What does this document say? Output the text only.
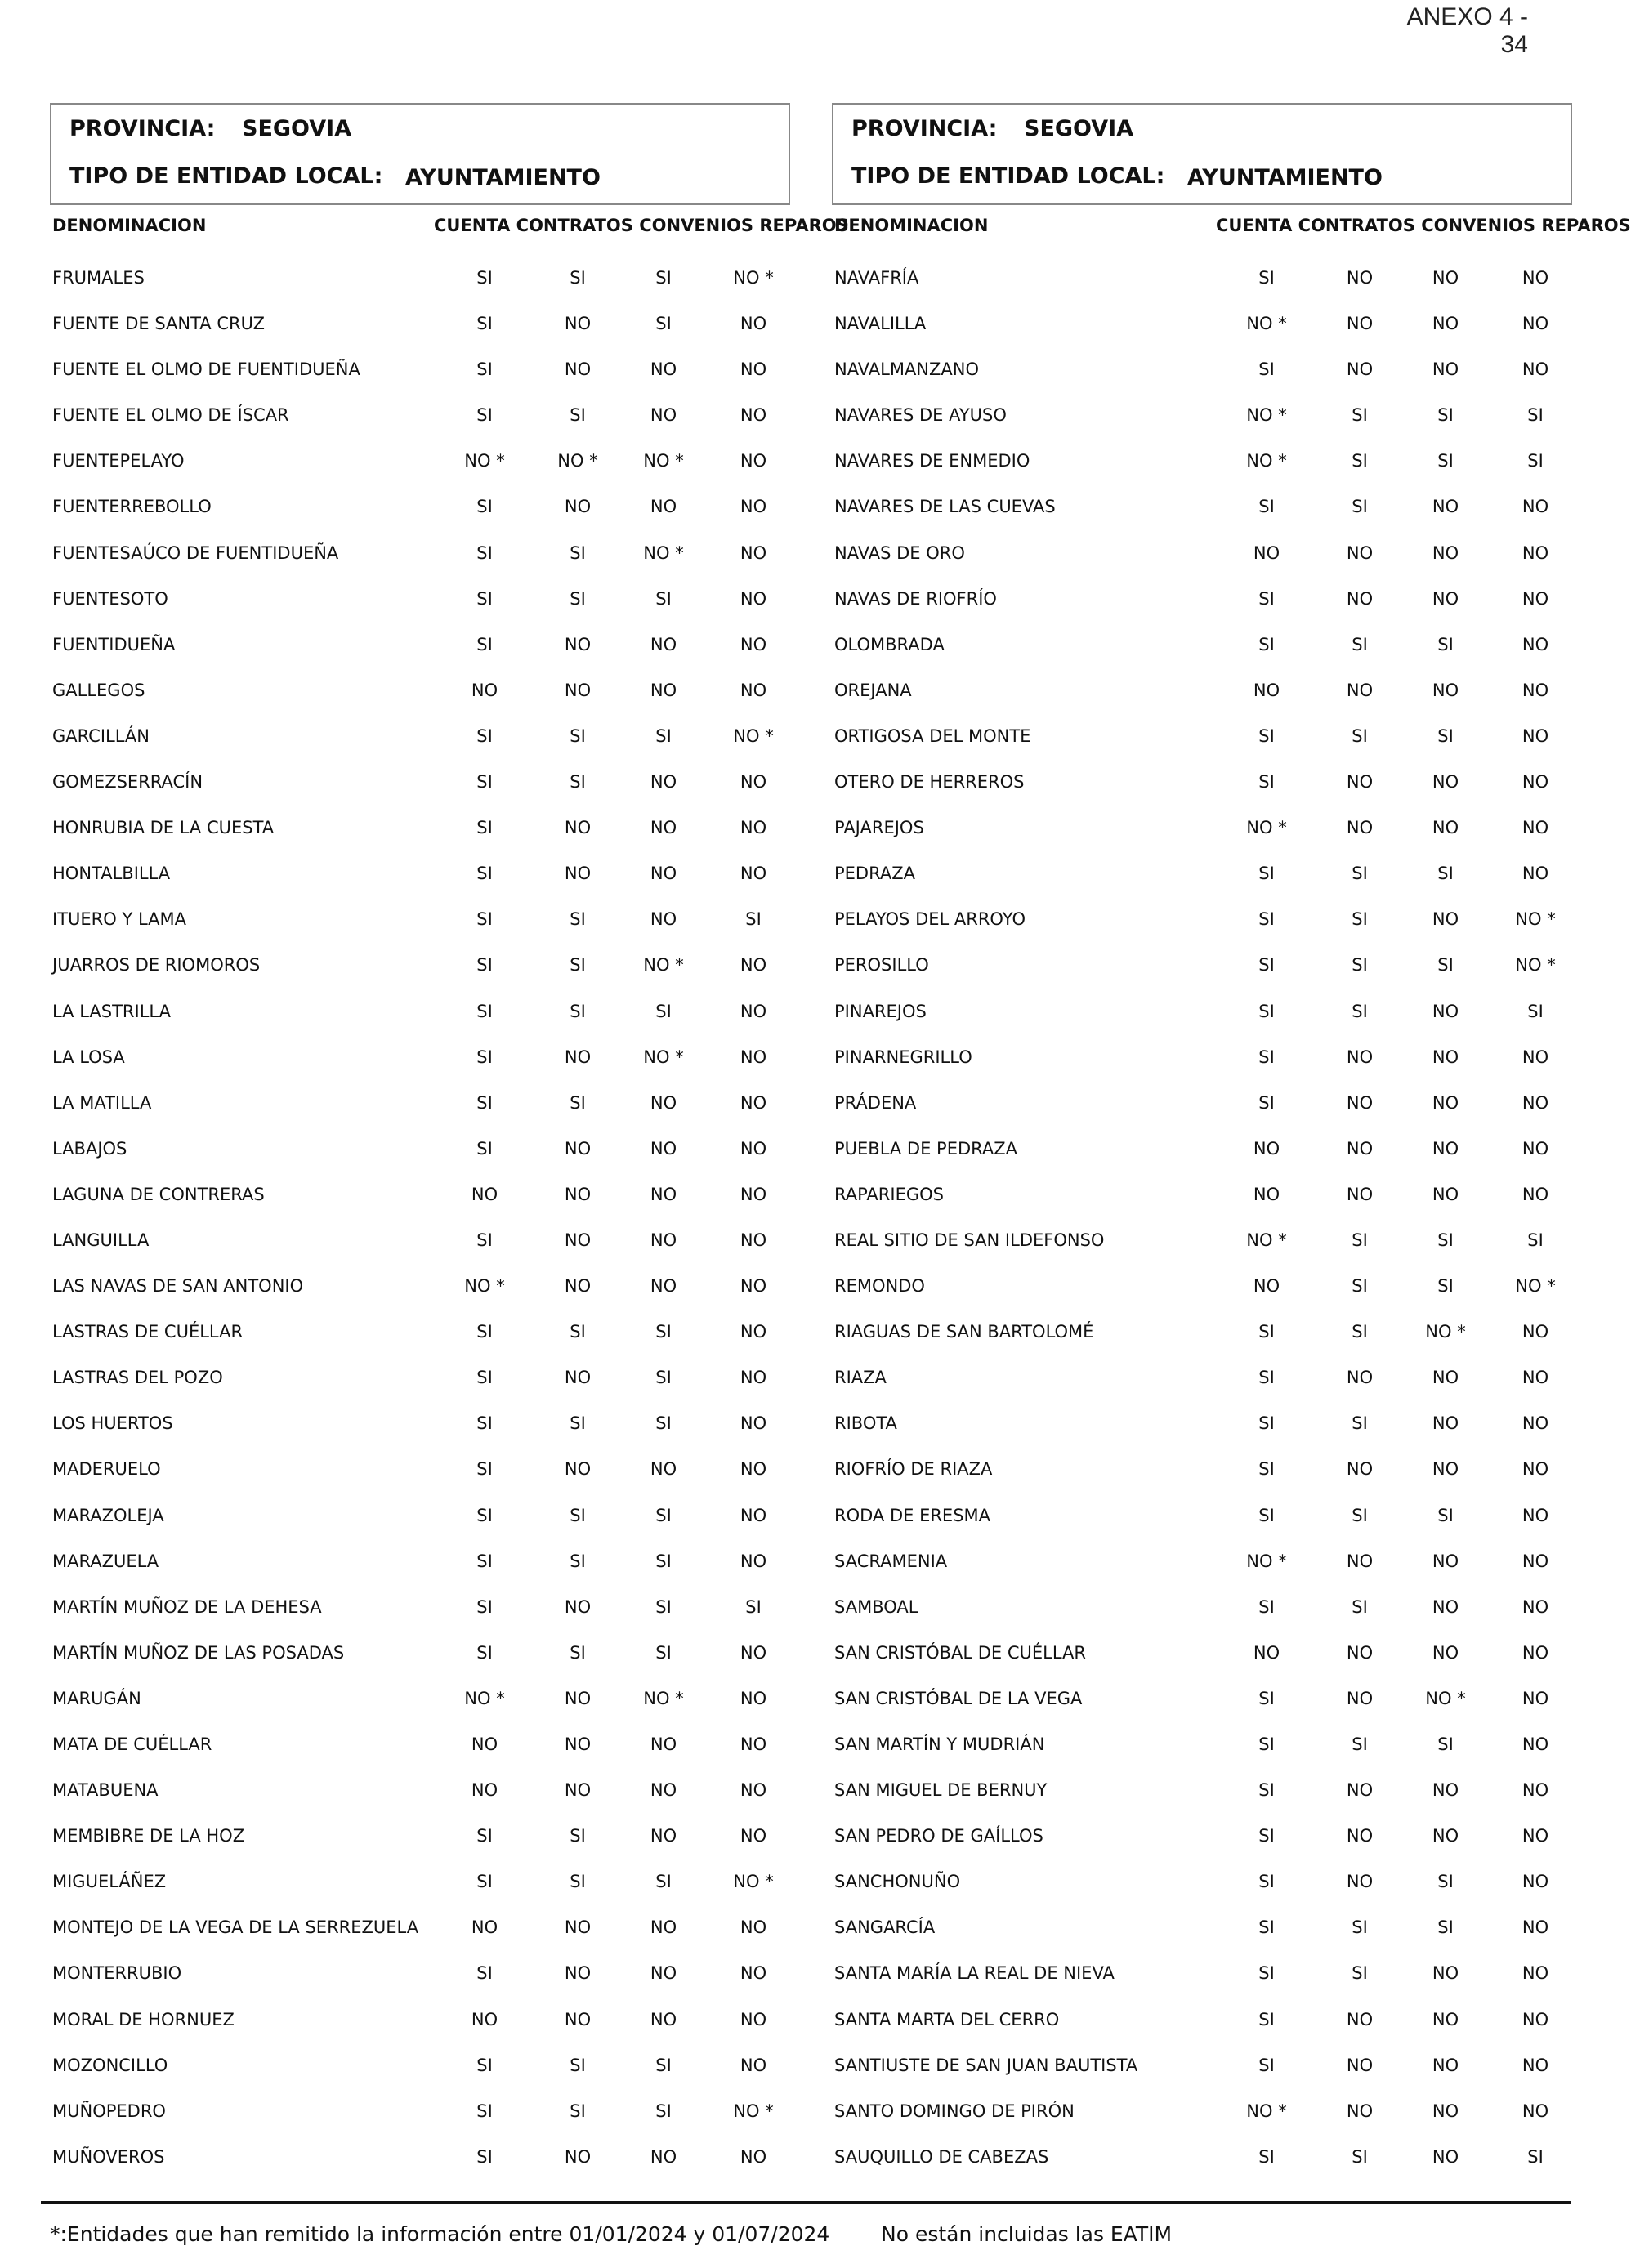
ANEXO 4 - 34
PROVINCIA: SEGOVIA
TIPO DE ENTIDAD LOCAL: AYUNTAMIENTO
DENOMINACION	CUENTA CONTRATOS CONVENIOS REPAROS
FRUMALES	SI	SI	SI	NO *
FUENTE DE SANTA CRUZ	SI	NO	SI	NO
FUENTE EL OLMO DE FUENTIDUEÑA	SI	NO	NO	NO
FUENTE EL OLMO DE ÍSCAR	SI	SI	NO	NO
FUENTEPELAYO	NO *	NO *	NO *	NO
FUENTERREBOLLO	SI	NO	NO	NO
FUENTESAÚCO DE FUENTIDUEÑA	SI	SI	NO *	NO
FUENTESOTO	SI	SI	SI	NO
FUENTIDUEÑA	SI	NO	NO	NO
GALLEGOS	NO	NO	NO	NO
GARCILLÁN	SI	SI	SI	NO *
GOMEZSERRACÍN	SI	SI	NO	NO
HONRUBIA DE LA CUESTA	SI	NO	NO	NO
HONTALBILLA	SI	NO	NO	NO
ITUERO Y LAMA	SI	SI	NO	SI
JUARROS DE RIOMOROS	SI	SI	NO *	NO
LA LASTRILLA	SI	SI	SI	NO
LA LOSA	SI	NO	NO *	NO
LA MATILLA	SI	SI	NO	NO
LABAJOS	SI	NO	NO	NO
LAGUNA DE CONTRERAS	NO	NO	NO	NO
LANGUILLA	SI	NO	NO	NO
LAS NAVAS DE SAN ANTONIO	NO *	NO	NO	NO
LASTRAS DE CUÉLLAR	SI	SI	SI	NO
LASTRAS DEL POZO	SI	NO	SI	NO
LOS HUERTOS	SI	SI	SI	NO
MADERUELO	SI	NO	NO	NO
MARAZOLEJA	SI	SI	SI	NO
MARAZUELA	SI	SI	SI	NO
MARTÍN MUÑOZ DE LA DEHESA	SI	NO	SI	SI
MARTÍN MUÑOZ DE LAS POSADAS	SI	SI	SI	NO
MARUGÁN	NO *	NO	NO *	NO
MATA DE CUÉLLAR	NO	NO	NO	NO
MATABUENA	NO	NO	NO	NO
MEMBIBRE DE LA HOZ	SI	SI	NO	NO
MIGUELÁÑEZ	SI	SI	SI	NO *
MONTEJO DE LA VEGA DE LA SERREZUELA	NO	NO	NO	NO
MONTERRUBIO	SI	NO	NO	NO
MORAL DE HORNUEZ	NO	NO	NO	NO
MOZONCILLO	SI	SI	SI	NO
MUÑOPEDRO	SI	SI	SI	NO *
MUÑOVEROS	SI	NO	NO	NO
PROVINCIA: SEGOVIA
TIPO DE ENTIDAD LOCAL: AYUNTAMIENTO
DENOMINACION	CUENTA CONTRATOS CONVENIOS REPAROS
NAVAFRÍA	SI	NO	NO	NO
NAVALILLA	NO *	NO	NO	NO
NAVALMANZANO	SI	NO	NO	NO
NAVARES DE AYUSO	NO *	SI	SI	SI
NAVARES DE ENMEDIO	NO *	SI	SI	SI
NAVARES DE LAS CUEVAS	SI	SI	NO	NO
NAVAS DE ORO	NO	NO	NO	NO
NAVAS DE RIOFRÍO	SI	NO	NO	NO
OLOMBRADA	SI	SI	SI	NO
OREJANA	NO	NO	NO	NO
ORTIGOSA DEL MONTE	SI	SI	SI	NO
OTERO DE HERREROS	SI	NO	NO	NO
PAJAREJOS	NO *	NO	NO	NO
PEDRAZA	SI	SI	SI	NO
PELAYOS DEL ARROYO	SI	SI	NO	NO *
PEROSILLO	SI	SI	SI	NO *
PINAREJOS	SI	SI	NO	SI
PINARNEGRILLO	SI	NO	NO	NO
PRÁDENA	SI	NO	NO	NO
PUEBLA DE PEDRAZA	NO	NO	NO	NO
RAPARIEGOS	NO	NO	NO	NO
REAL SITIO DE SAN ILDEFONSO	NO *	SI	SI	SI
REMONDO	NO	SI	SI	NO *
RIAGUAS DE SAN BARTOLOMÉ	SI	SI	NO *	NO
RIAZA	SI	NO	NO	NO
RIBOTA	SI	SI	NO	NO
RIOFRÍO DE RIAZA	SI	NO	NO	NO
RODA DE ERESMA	SI	SI	SI	NO
SACRAMENIA	NO *	NO	NO	NO
SAMBOAL	SI	SI	NO	NO
SAN CRISTÓBAL DE CUÉLLAR	NO	NO	NO	NO
SAN CRISTÓBAL DE LA VEGA	SI	NO	NO *	NO
SAN MARTÍN Y MUDRIÁN	SI	SI	SI	NO
SAN MIGUEL DE BERNUY	SI	NO	NO	NO
SAN PEDRO DE GAÍLLOS	SI	NO	NO	NO
SANCHONUÑO	SI	NO	SI	NO
SANGARCÍA	SI	SI	SI	NO
SANTA MARÍA LA REAL DE NIEVA	SI	SI	NO	NO
SANTA MARTA DEL CERRO	SI	NO	NO	NO
SANTIUSTE DE SAN JUAN BAUTISTA	SI	NO	NO	NO
SANTO DOMINGO DE PIRÓN	NO *	NO	NO	NO
SAUQUILLO DE CABEZAS	SI	SI	NO	SI
*:Entidades que han remitido la información entre 01/01/2024 y 01/07/2024	No están incluidas las EATIM
